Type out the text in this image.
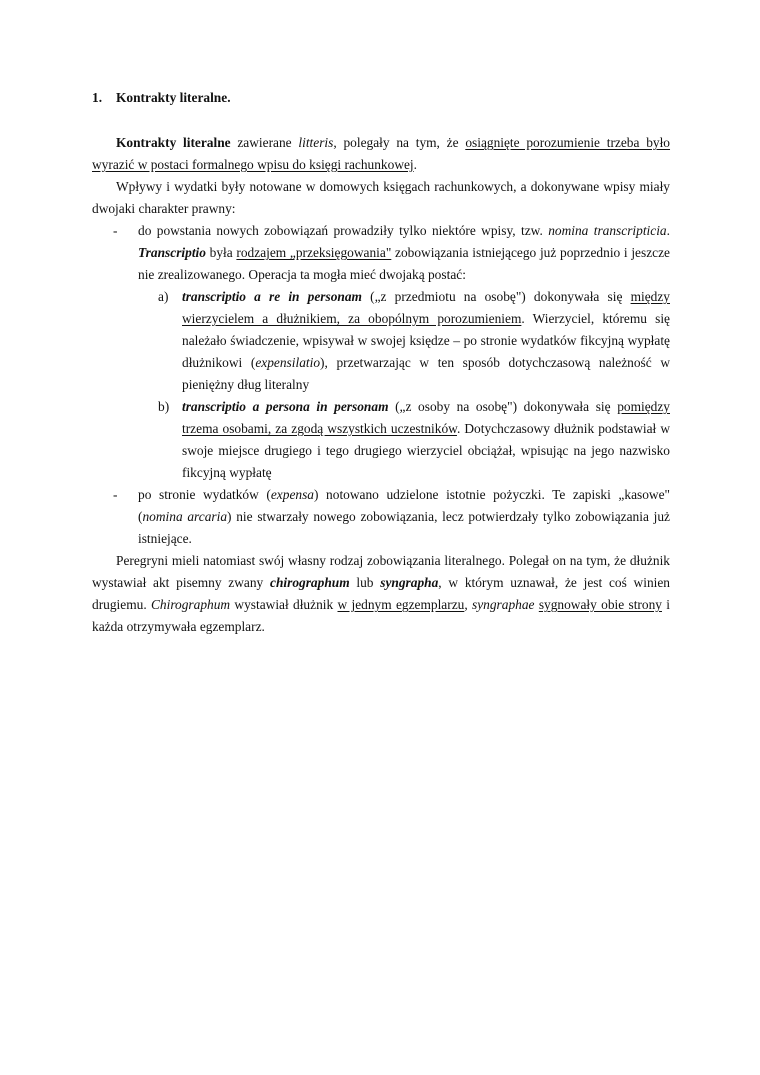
1. Kontrakty literalne.

Kontrakty literalne zawierane litteris, polegały na tym, że osiągnięte porozumienie trzeba było wyrazić w postaci formalnego wpisu do księgi rachunkowej.

Wpływy i wydatki były notowane w domowych księgach rachunkowych, a dokonywane wpisy miały dwojaki charakter prawny:

- do powstania nowych zobowiązań prowadziły tylko niektóre wpisy, tzw. nomina transcripticia. Transcriptio była rodzajem „przeksięgowania" zobowiązania istniejącego już poprzednio i jeszcze nie zrealizowanego. Operacja ta mogła mieć dwojaką postać:

a) transcriptio a re in personam („z przedmiotu na osobę") dokonywała się między wierzycielem a dłużnikiem, za obopólnym porozumieniem. Wierzyciel, któremu się należało świadczenie, wpisywał w swojej księdze – po stronie wydatków fikcyjną wypłatę dłużnikowi (expensilatio), przetwarzając w ten sposób dotychczasową należność w pieniężny dług literalny

b) transcriptio a persona in personam („z osoby na osobę") dokonywała się pomiędzy trzema osobami, za zgodą wszystkich uczestników. Dotychczasowy dłużnik podstawiał w swoje miejsce drugiego i tego drugiego wierzyciel obciążał, wpisując na jego nazwisko fikcyjną wypłatę

- po stronie wydatków (expensa) notowano udzielone istotnie pożyczki. Te zapiski „kasowe" (nomina arcaria) nie stwarzały nowego zobowiązania, lecz potwierdzały tylko zobowiązania już istniejące.

Peregryni mieli natomiast swój własny rodzaj zobowiązania literalnego. Polegał on na tym, że dłużnik wystawiał akt pisemny zwany chirographum lub syngrapha, w którym uznawał, że jest coś winien drugiemu. Chirographum wystawiał dłużnik w jednym egzemplarzu, syngraphae sygnowały obie strony i każda otrzymywała egzemplarz.
